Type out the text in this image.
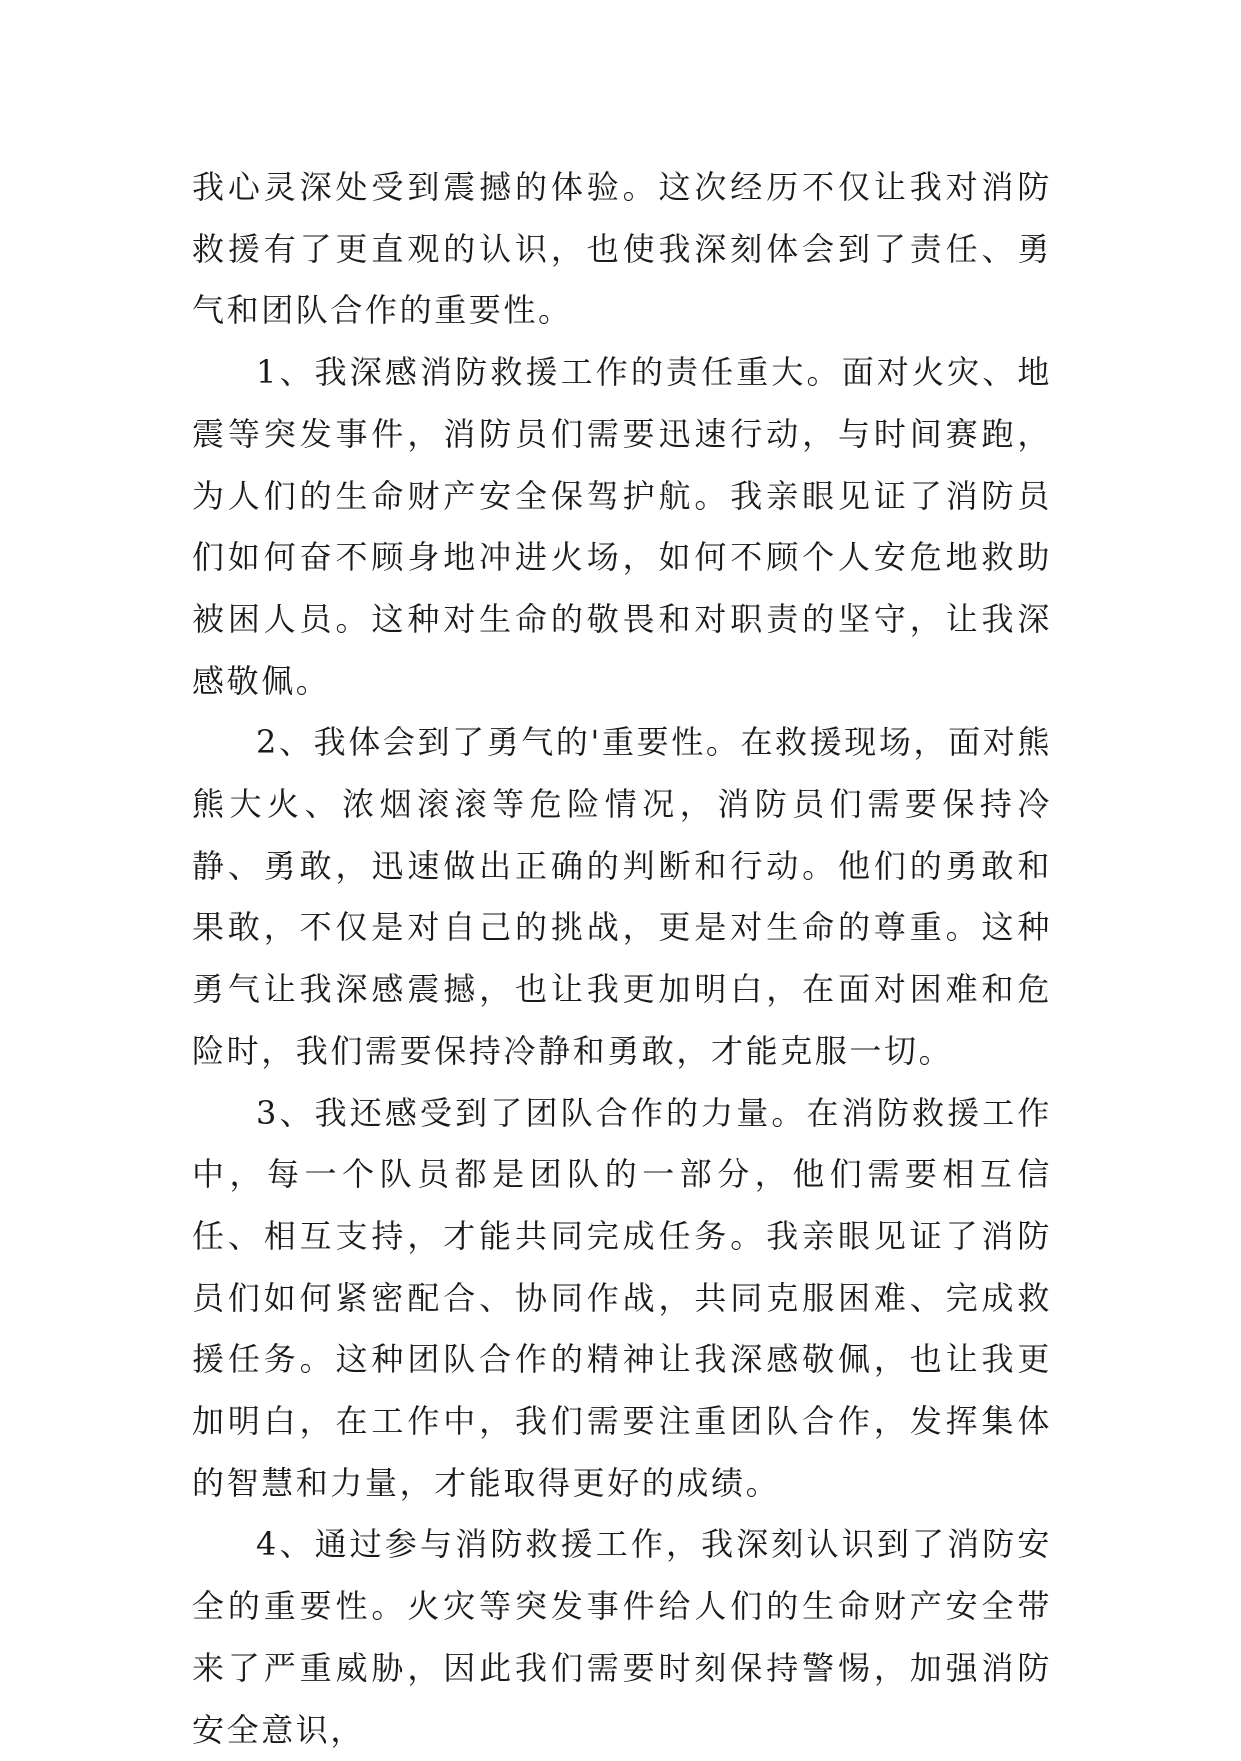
我心灵深处受到震撼的体验。这次经历不仅让我对消防救援有了更直观的认识，也使我深刻体会到了责任、勇气和团队合作的重要性。

1、我深感消防救援工作的责任重大。面对火灾、地震等突发事件，消防员们需要迅速行动，与时间赛跑，为人们的生命财产安全保驾护航。我亲眼见证了消防员们如何奋不顾身地冲进火场，如何不顾个人安危地救助被困人员。这种对生命的敬畏和对职责的坚守，让我深感敬佩。

2、我体会到了勇气的'重要性。在救援现场，面对熊熊大火、浓烟滚滚等危险情况，消防员们需要保持冷静、勇敢，迅速做出正确的判断和行动。他们的勇敢和果敢，不仅是对自己的挑战，更是对生命的尊重。这种勇气让我深感震撼，也让我更加明白，在面对困难和危险时，我们需要保持冷静和勇敢，才能克服一切。

3、我还感受到了团队合作的力量。在消防救援工作中，每一个队员都是团队的一部分，他们需要相互信任、相互支持，才能共同完成任务。我亲眼见证了消防员们如何紧密配合、协同作战，共同克服困难、完成救援任务。这种团队合作的精神让我深感敬佩，也让我更加明白，在工作中，我们需要注重团队合作，发挥集体的智慧和力量，才能取得更好的成绩。

4、通过参与消防救援工作，我深刻认识到了消防安全的重要性。火灾等突发事件给人们的生命财产安全带来了严重威胁，因此我们需要时刻保持警惕，加强消防安全意识，
